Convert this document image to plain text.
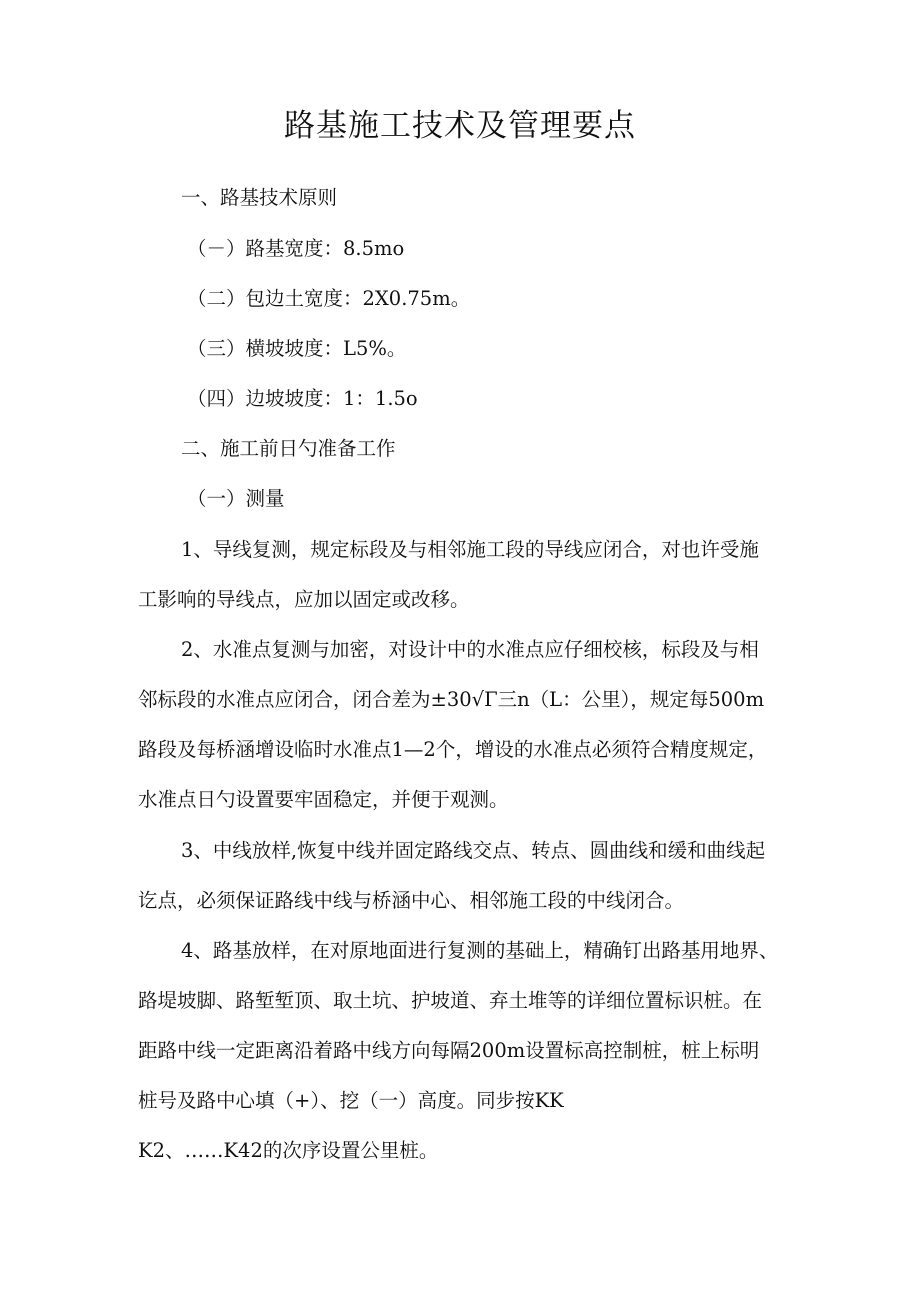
路基施工技术及管理要点
一、路基技术原则
（－）路基宽度：8.5mo
（二）包边土宽度：2X0.75m。
（三）横坡坡度：L5%。
（四）边坡坡度：1：1.5o
二、施工前日勺准备工作
（一）测量
1、导线复测，规定标段及与相邻施工段的导线应闭合，对也许受施
工影响的导线点，应加以固定或改移。
2、水准点复测与加密，对设计中的水准点应仔细校核，标段及与相
邻标段的水准点应闭合，闭合差为±30√Γ三n（L：公里），规定每500m
路段及每桥涵增设临时水准点1—2个，增设的水准点必须符合精度规定，
水准点日勺设置要牢固稳定，并便于观测。
3、中线放样,恢复中线并固定路线交点、转点、圆曲线和缓和曲线起
讫点，必须保证路线中线与桥涵中心、相邻施工段的中线闭合。
4、路基放样，在对原地面进行复测的基础上，精确钉出路基用地界、
路堤坡脚、路堑堑顶、取土坑、护坡道、弃土堆等的详细位置标识桩。在
距路中线一定距离沿着路中线方向每隔200m设置标高控制桩，桩上标明
桩号及路中心填（+）、挖（一）高度。同步按KK
K2、……K42的次序设置公里桩。
